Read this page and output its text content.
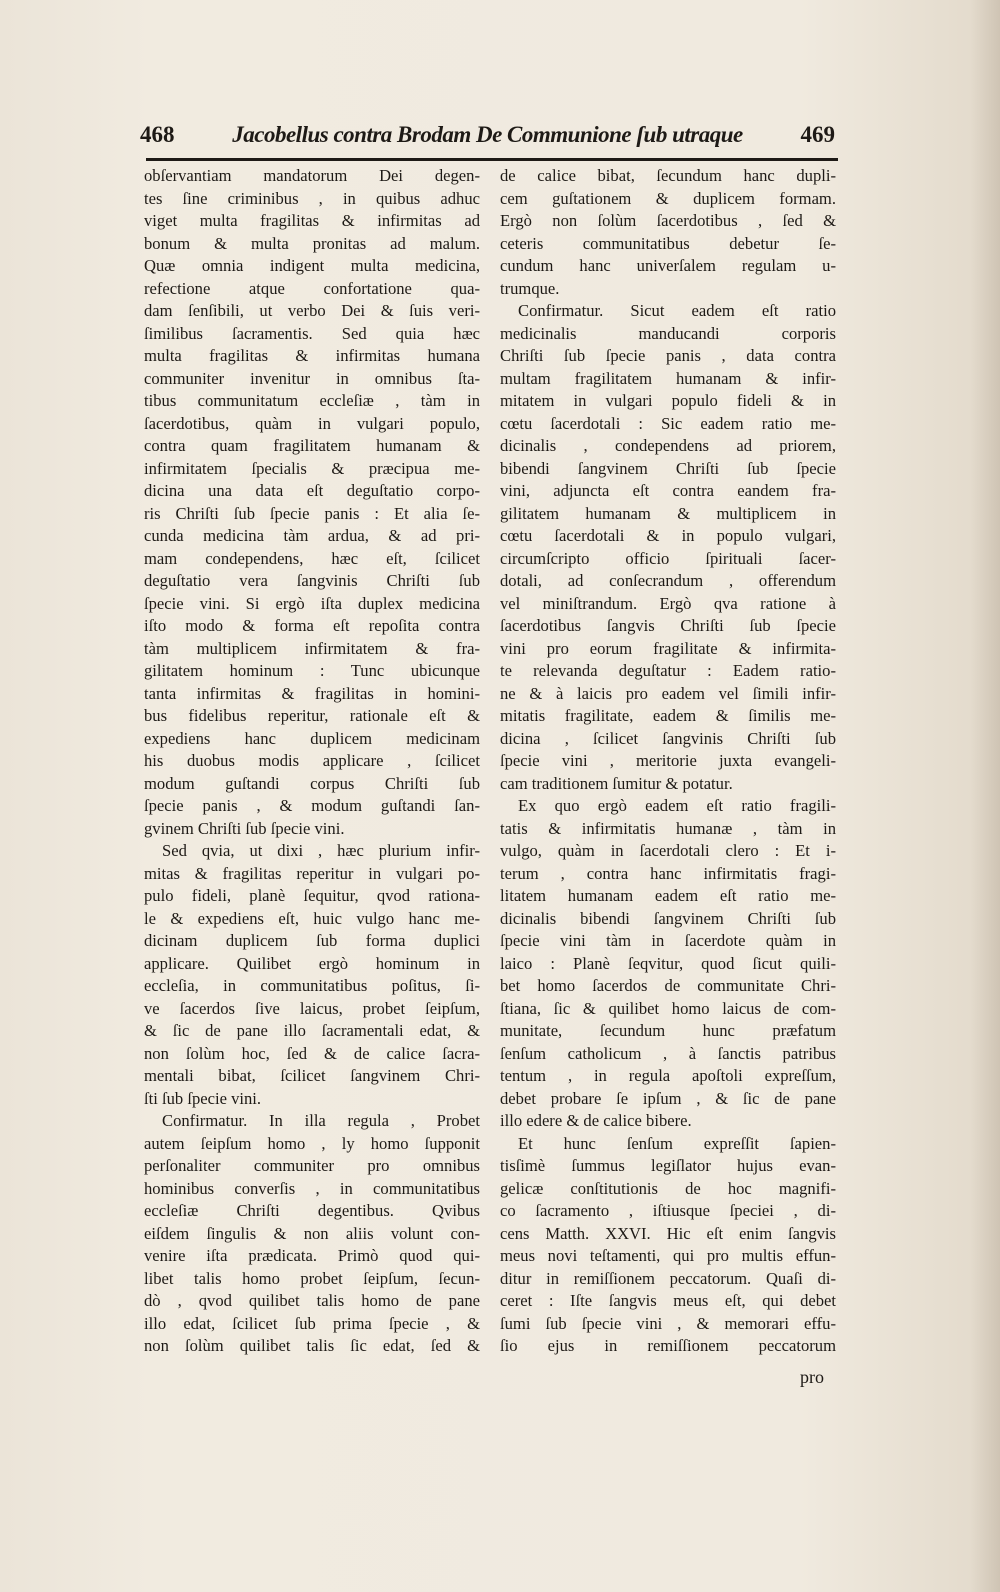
468	Jacobellus contra Brodam De Communione ſub utraque	469
obſervantiam mandatorum Dei degen-
tes ſine criminibus , in quibus adhuc
viget multa fragilitas & infirmitas ad
bonum & multa pronitas ad malum.
Quæ omnia indigent multa medicina,
refectione atque confortatione qua-
dam ſenſibili, ut verbo Dei & ſuis veri-
ſimilibus ſacramentis. Sed quia hæc
multa fragilitas & infirmitas humana
communiter invenitur in omnibus ſta-
tibus communitatum eccleſiæ , tàm in
ſacerdotibus, quàm in vulgari populo,
contra quam fragilitatem humanam &
infirmitatem ſpecialis & præcipua me-
dicina una data eſt deguſtatio corpo-
ris Chriſti ſub ſpecie panis : Et alia ſe-
cunda medicina tàm ardua, & ad pri-
mam condependens, hæc eſt, ſcilicet
deguſtatio vera ſangvinis Chriſti ſub
ſpecie vini. Si ergò iſta duplex medicina
iſto modo & forma eſt repoſita contra
tàm multiplicem infirmitatem & fra-
gilitatem hominum : Tunc ubicunque
tanta infirmitas & fragilitas in homini-
bus fidelibus reperitur, rationale eſt &
expediens hanc duplicem medicinam
his duobus modis applicare , ſcilicet
modum guſtandi corpus Chriſti ſub
ſpecie panis , & modum guſtandi ſan-
gvinem Chriſti ſub ſpecie vini.
Sed qvia, ut dixi , hæc plurium infir-
mitas & fragilitas reperitur in vulgari po-
pulo fideli, planè ſequitur, qvod rationa-
le & expediens eſt, huic vulgo hanc me-
dicinam duplicem ſub forma duplici
applicare. Quilibet ergò hominum in
eccleſia, in communitatibus poſitus, ſi-
ve ſacerdos ſive laicus, probet ſeipſum,
& ſic de pane illo ſacramentali edat, &
non ſolùm hoc, ſed & de calice ſacra-
mentali bibat, ſcilicet ſangvinem Chri-
ſti ſub ſpecie vini.
Confirmatur. In illa regula , Probet
autem ſeipſum homo , ly homo ſupponit
perſonaliter communiter pro omnibus
hominibus converſis , in communitatibus
eccleſiæ Chriſti degentibus. Qvibus
eiſdem ſingulis & non aliis volunt con-
venire iſta prædicata. Primò quod qui-
libet talis homo probet ſeipſum, ſecun-
dò , qvod quilibet talis homo de pane
illo edat, ſcilicet ſub prima ſpecie , &
non ſolùm quilibet talis ſic edat, ſed &
de calice bibat, ſecundum hanc dupli-
cem guſtationem & duplicem formam.
Ergò non ſolùm ſacerdotibus , ſed &
ceteris communitatibus debetur ſe-
cundum hanc univerſalem regulam u-
trumque.
Confirmatur. Sicut eadem eſt ratio
medicinalis manducandi corporis
Chriſti ſub ſpecie panis , data contra
multam fragilitatem humanam & infir-
mitatem in vulgari populo fideli & in
cœtu ſacerdotali : Sic eadem ratio me-
dicinalis , condependens ad priorem,
bibendi ſangvinem Chriſti ſub ſpecie
vini, adjuncta eſt contra eandem fra-
gilitatem humanam & multiplicem in
cœtu ſacerdotali & in populo vulgari,
circumſcripto officio ſpirituali ſacer-
dotali, ad conſecrandum , offerendum
vel miniſtrandum. Ergò qva ratione à
ſacerdotibus ſangvis Chriſti ſub ſpecie
vini pro eorum fragilitate & infirmita-
te relevanda deguſtatur : Eadem ratio-
ne & à laicis pro eadem vel ſimili infir-
mitatis fragilitate, eadem & ſimilis me-
dicina , ſcilicet ſangvinis Chriſti ſub
ſpecie vini , meritorie juxta evangeli-
cam traditionem ſumitur & potatur.
Ex quo ergò eadem eſt ratio fragili-
tatis & infirmitatis humanæ , tàm in
vulgo, quàm in ſacerdotali clero : Et i-
terum , contra hanc infirmitatis fragi-
litatem humanam eadem eſt ratio me-
dicinalis bibendi ſangvinem Chriſti ſub
ſpecie vini tàm in ſacerdote quàm in
laico : Planè ſeqvitur, quod ſicut quili-
bet homo ſacerdos de communitate Chri-
ſtiana, ſic & quilibet homo laicus de com-
munitate, ſecundum hunc præfatum
ſenſum catholicum , à ſanctis patribus
tentum , in regula apoſtoli expreſſum,
debet probare ſe ipſum , & ſic de pane
illo edere & de calice bibere.
Et hunc ſenſum expreſſit ſapien-
tisſimè ſummus legiſlator hujus evan-
gelicæ conſtitutionis de hoc magnifi-
co ſacramento , iſtiusque ſpeciei , di-
cens Matth. XXVI. Hic eſt enim ſangvis
meus novi teſtamenti, qui pro multis effun-
ditur in remiſſionem peccatorum. Quaſi di-
ceret : Iſte ſangvis meus eſt, qui debet
ſumi ſub ſpecie vini , & memorari effu-
ſio ejus in remiſſionem peccatorum
pro
